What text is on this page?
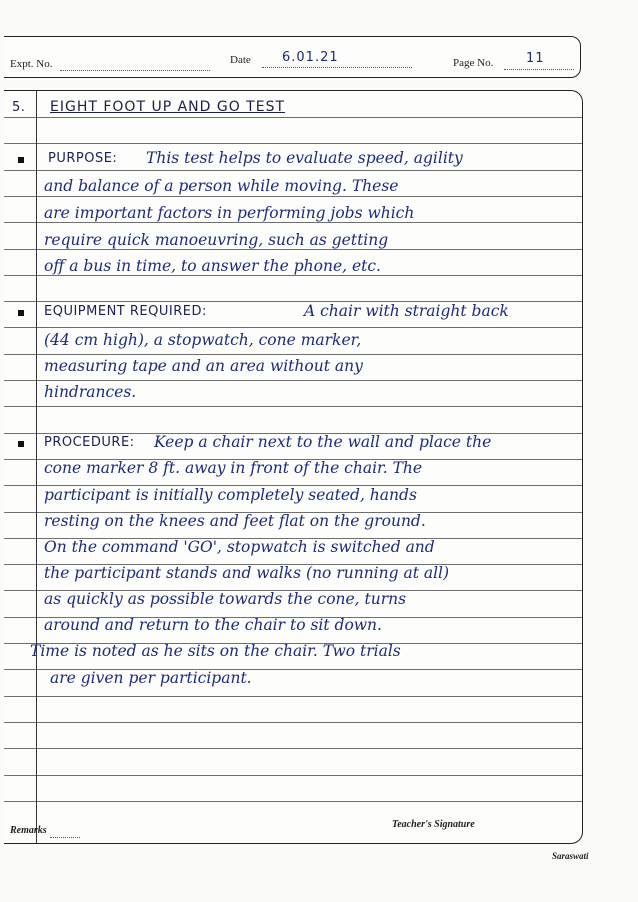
Expt. No.	Date 6.01.21	Page No.	11
5. EIGHT FOOT UP AND GO TEST
PURPOSE: This test helps to evaluate speed, agility
and balance of a person while moving. These
are important factors in performing jobs which
require quick manoeuvring, such as getting
off a bus in time, to answer the phone, etc.
EQUIPMENT REQUIRED:	A chair with straight back
(44 cm high), a stopwatch, cone marker,
measuring tape and an area without any
hindrances.
PROCEDURE: Keep a chair next to the wall and place the
cone marker 8 ft. away in front of the chair. The
participant is initially completely seated, hands
resting on the knees and feet flat on the ground.
On the command 'GO', stopwatch is switched and
the participant stands and walks (no running at all)
as quickly as possible towards the cone, turns
around and return to the chair to sit down.
Time is noted as he sits on the chair. Two trials
are given per participant.
Teacher's Signature
Remarks
Saraswati
